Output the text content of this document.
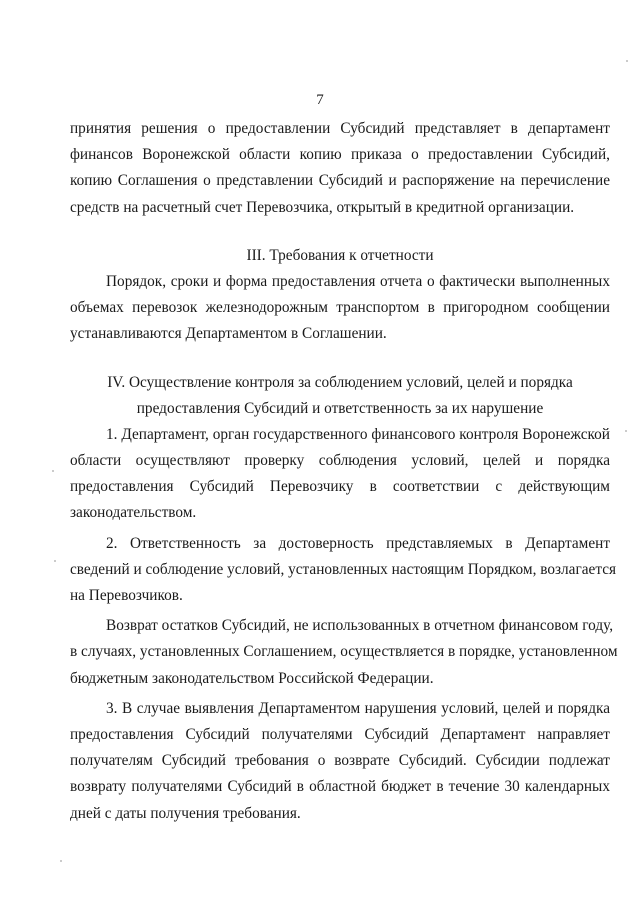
7
принятия решения о предоставлении Субсидий представляет в департамент
финансов Воронежской области копию приказа о предоставлении Субсидий,
копию Соглашения о представлении Субсидий и распоряжение на перечисление
средств на расчетный счет Перевозчика, открытый в кредитной организации.
III. Требования к отчетности
Порядок, сроки и форма предоставления отчета о фактически выполненных
объемах перевозок железнодорожным транспортом в пригородном сообщении
устанавливаются Департаментом в Соглашении.
IV. Осуществление контроля за соблюдением условий, целей и порядка
предоставления Субсидий и ответственность за их нарушение
1. Департамент, орган государственного финансового контроля Воронежской
области осуществляют проверку соблюдения условий, целей и порядка
предоставления Субсидий Перевозчику в соответствии с действующим
законодательством.
2. Ответственность за достоверность представляемых в Департамент
сведений и соблюдение условий, установленных настоящим Порядком, возлагается
на Перевозчиков.
Возврат остатков Субсидий, не использованных в отчетном финансовом году,
в случаях, установленных Соглашением, осуществляется в порядке, установленном
бюджетным законодательством Российской Федерации.
3. В случае выявления Департаментом нарушения условий, целей и порядка
предоставления Субсидий получателями Субсидий Департамент направляет
получателям Субсидий требования о возврате Субсидий. Субсидии подлежат
возврату получателями Субсидий в областной бюджет в течение 30 календарных
дней с даты получения требования.
